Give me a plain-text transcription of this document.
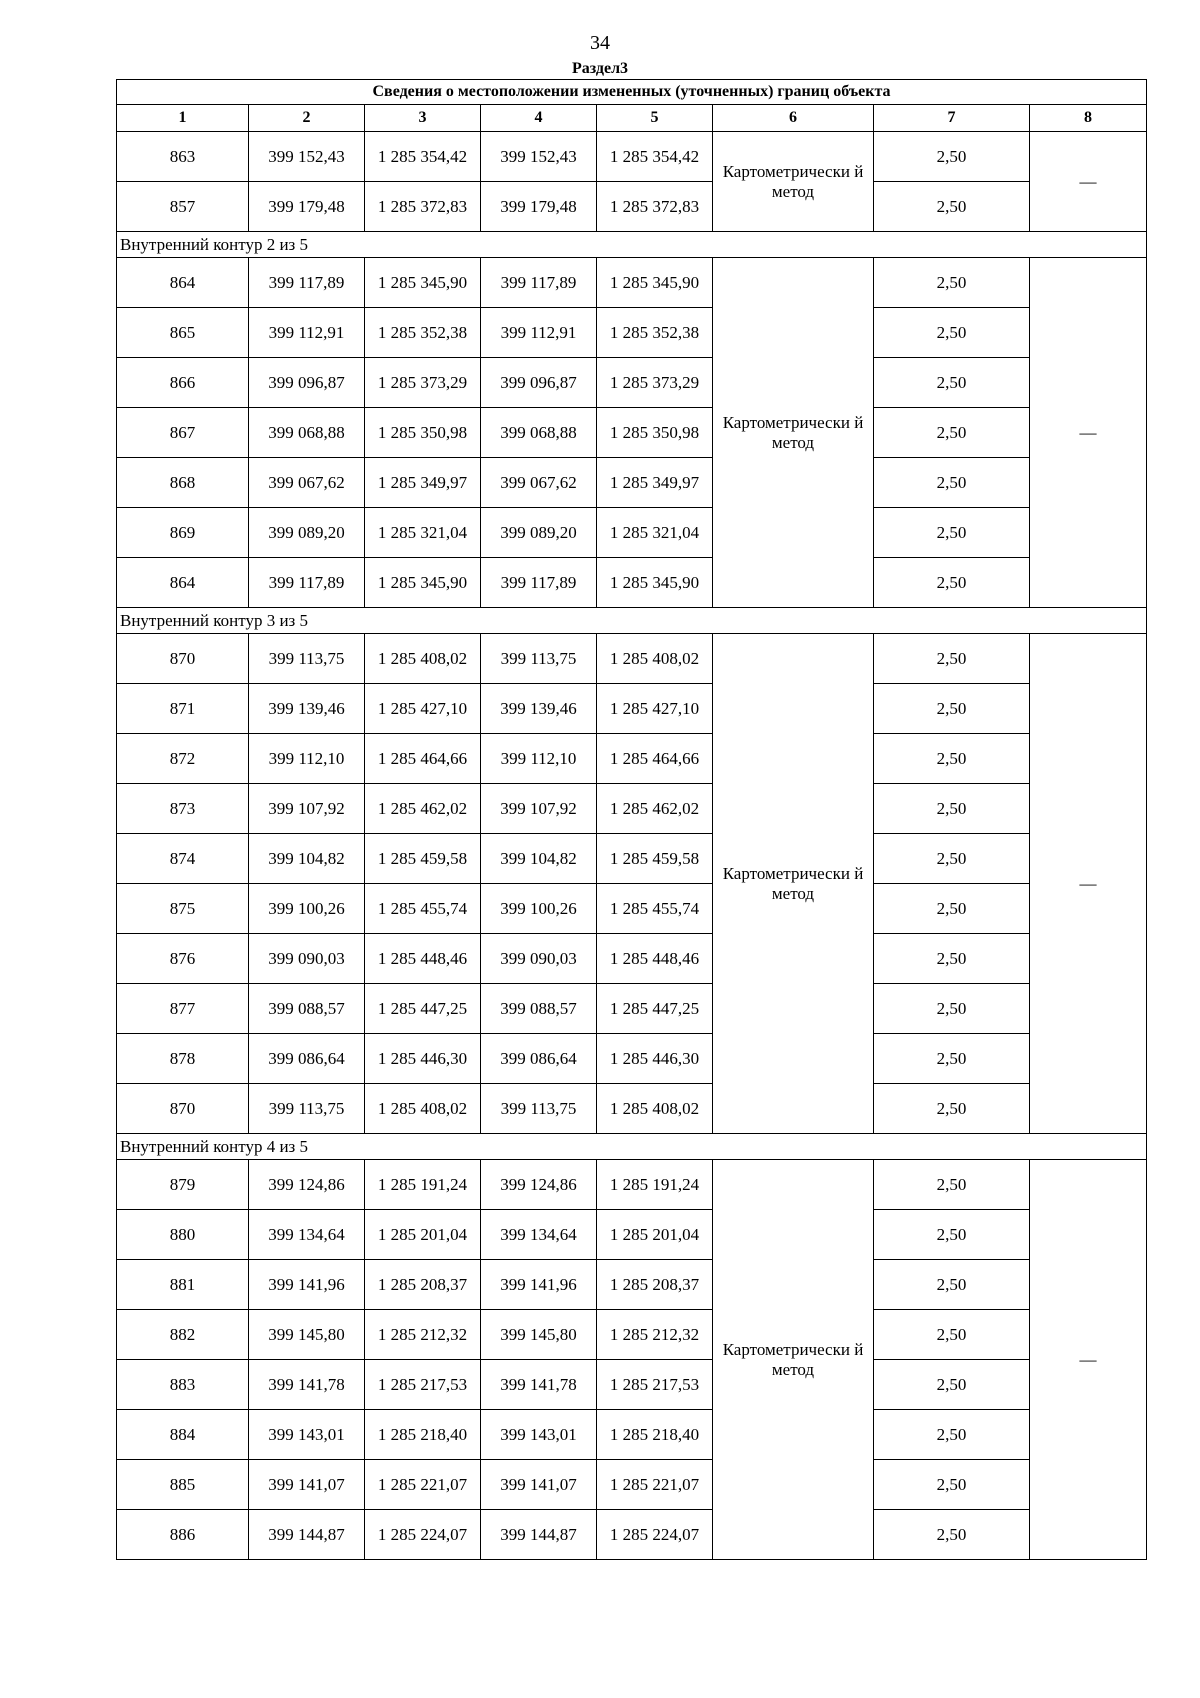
34
Раздел3
Сведения о местоположении измененных (уточненных) границ объекта							
1	2	3	4	5	6	7	8
863	399 152,43	1 285 354,42	399 152,43	1 285 354,42	Картометрически й метод	2,50	—
857	399 179,48	1 285 372,83	399 179,48	1 285 372,83		2,50	
Внутренний контур 2 из 5							
864	399 117,89	1 285 345,90	399 117,89	1 285 345,90	Картометрически й метод	2,50	—
865	399 112,91	1 285 352,38	399 112,91	1 285 352,38		2,50	
866	399 096,87	1 285 373,29	399 096,87	1 285 373,29		2,50	
867	399 068,88	1 285 350,98	399 068,88	1 285 350,98		2,50	
868	399 067,62	1 285 349,97	399 067,62	1 285 349,97		2,50	
869	399 089,20	1 285 321,04	399 089,20	1 285 321,04		2,50	
864	399 117,89	1 285 345,90	399 117,89	1 285 345,90		2,50	
Внутренний контур 3 из 5							
870	399 113,75	1 285 408,02	399 113,75	1 285 408,02	Картометрически й метод	2,50	—
871	399 139,46	1 285 427,10	399 139,46	1 285 427,10		2,50	
872	399 112,10	1 285 464,66	399 112,10	1 285 464,66		2,50	
873	399 107,92	1 285 462,02	399 107,92	1 285 462,02		2,50	
874	399 104,82	1 285 459,58	399 104,82	1 285 459,58		2,50	
875	399 100,26	1 285 455,74	399 100,26	1 285 455,74		2,50	
876	399 090,03	1 285 448,46	399 090,03	1 285 448,46		2,50	
877	399 088,57	1 285 447,25	399 088,57	1 285 447,25		2,50	
878	399 086,64	1 285 446,30	399 086,64	1 285 446,30		2,50	
870	399 113,75	1 285 408,02	399 113,75	1 285 408,02		2,50	
Внутренний контур 4 из 5							
879	399 124,86	1 285 191,24	399 124,86	1 285 191,24	Картометрически й метод	2,50	—
880	399 134,64	1 285 201,04	399 134,64	1 285 201,04		2,50	
881	399 141,96	1 285 208,37	399 141,96	1 285 208,37		2,50	
882	399 145,80	1 285 212,32	399 145,80	1 285 212,32		2,50	
883	399 141,78	1 285 217,53	399 141,78	1 285 217,53		2,50	
884	399 143,01	1 285 218,40	399 143,01	1 285 218,40		2,50	
885	399 141,07	1 285 221,07	399 141,07	1 285 221,07		2,50	
886	399 144,87	1 285 224,07	399 144,87	1 285 224,07		2,50	
